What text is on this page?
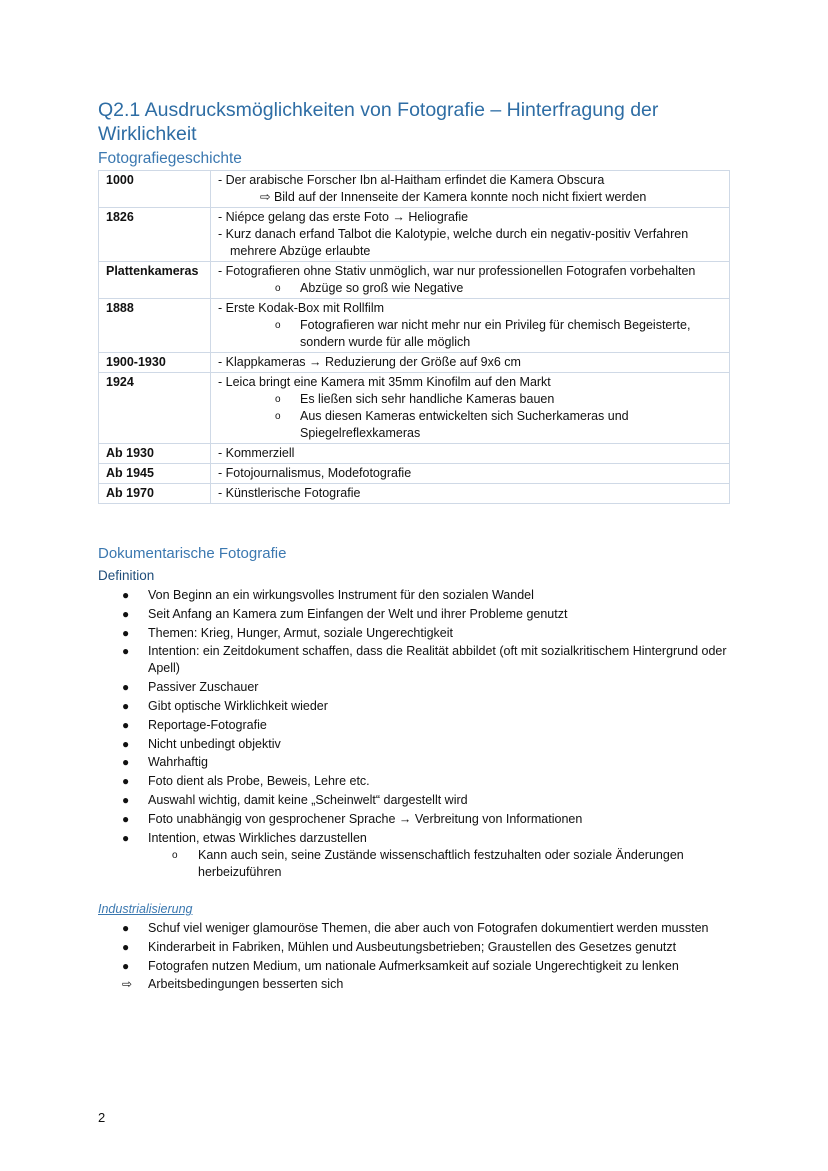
Q2.1 Ausdrucksmöglichkeiten von Fotografie – Hinterfragung der Wirklichkeit
Fotografiegeschichte
1000	- Der arabische Forscher Ibn al-Haitham erfindet die Kamera Obscura
⇨ Bild auf der Innenseite der Kamera konnte noch nicht fixiert werden

1826	- Niépce gelang das erste Foto → Heliografie
- Kurz danach erfand Talbot die Kalotypie, welche durch ein negativ-positiv Verfahren mehrere Abzüge erlaubte

Plattenkameras	- Fotografieren ohne Stativ unmöglich, war nur professionellen Fotografen vorbehalten
o Abzüge so groß wie Negative

1888	- Erste Kodak-Box mit Rollfilm
o Fotografieren war nicht mehr nur ein Privileg für chemisch Begeisterte, sondern wurde für alle möglich

1900-1930	- Klappkameras → Reduzierung der Größe auf 9x6 cm

1924	- Leica bringt eine Kamera mit 35mm Kinofilm auf den Markt
o Es ließen sich sehr handliche Kameras bauen
o Aus diesen Kameras entwickelten sich Sucherkameras und Spiegelreflexkameras

Ab 1930	- Kommerziell

Ab 1945	- Fotojournalismus, Modefotografie

Ab 1970	- Künstlerische Fotografie
Dokumentarische Fotografie
Definition
● Von Beginn an ein wirkungsvolles Instrument für den sozialen Wandel
● Seit Anfang an Kamera zum Einfangen der Welt und ihrer Probleme genutzt
● Themen: Krieg, Hunger, Armut, soziale Ungerechtigkeit
● Intention: ein Zeitdokument schaffen, dass die Realität abbildet (oft mit sozialkritischem Hintergrund oder Apell)
● Passiver Zuschauer
● Gibt optische Wirklichkeit wieder
● Reportage-Fotografie
● Nicht unbedingt objektiv
● Wahrhaftig
● Foto dient als Probe, Beweis, Lehre etc.
● Auswahl wichtig, damit keine „Scheinwelt“ dargestellt wird
● Foto unabhängig von gesprochener Sprache → Verbreitung von Informationen
● Intention, etwas Wirkliches darzustellen
o Kann auch sein, seine Zustände wissenschaftlich festzuhalten oder soziale Änderungen herbeizuführen
Industrialisierung
● Schuf viel weniger glamouröse Themen, die aber auch von Fotografen dokumentiert werden mussten
● Kinderarbeit in Fabriken, Mühlen und Ausbeutungsbetrieben; Graustellen des Gesetzes genutzt
● Fotografen nutzen Medium, um nationale Aufmerksamkeit auf soziale Ungerechtigkeit zu lenken
⇨ Arbeitsbedingungen besserten sich
2
